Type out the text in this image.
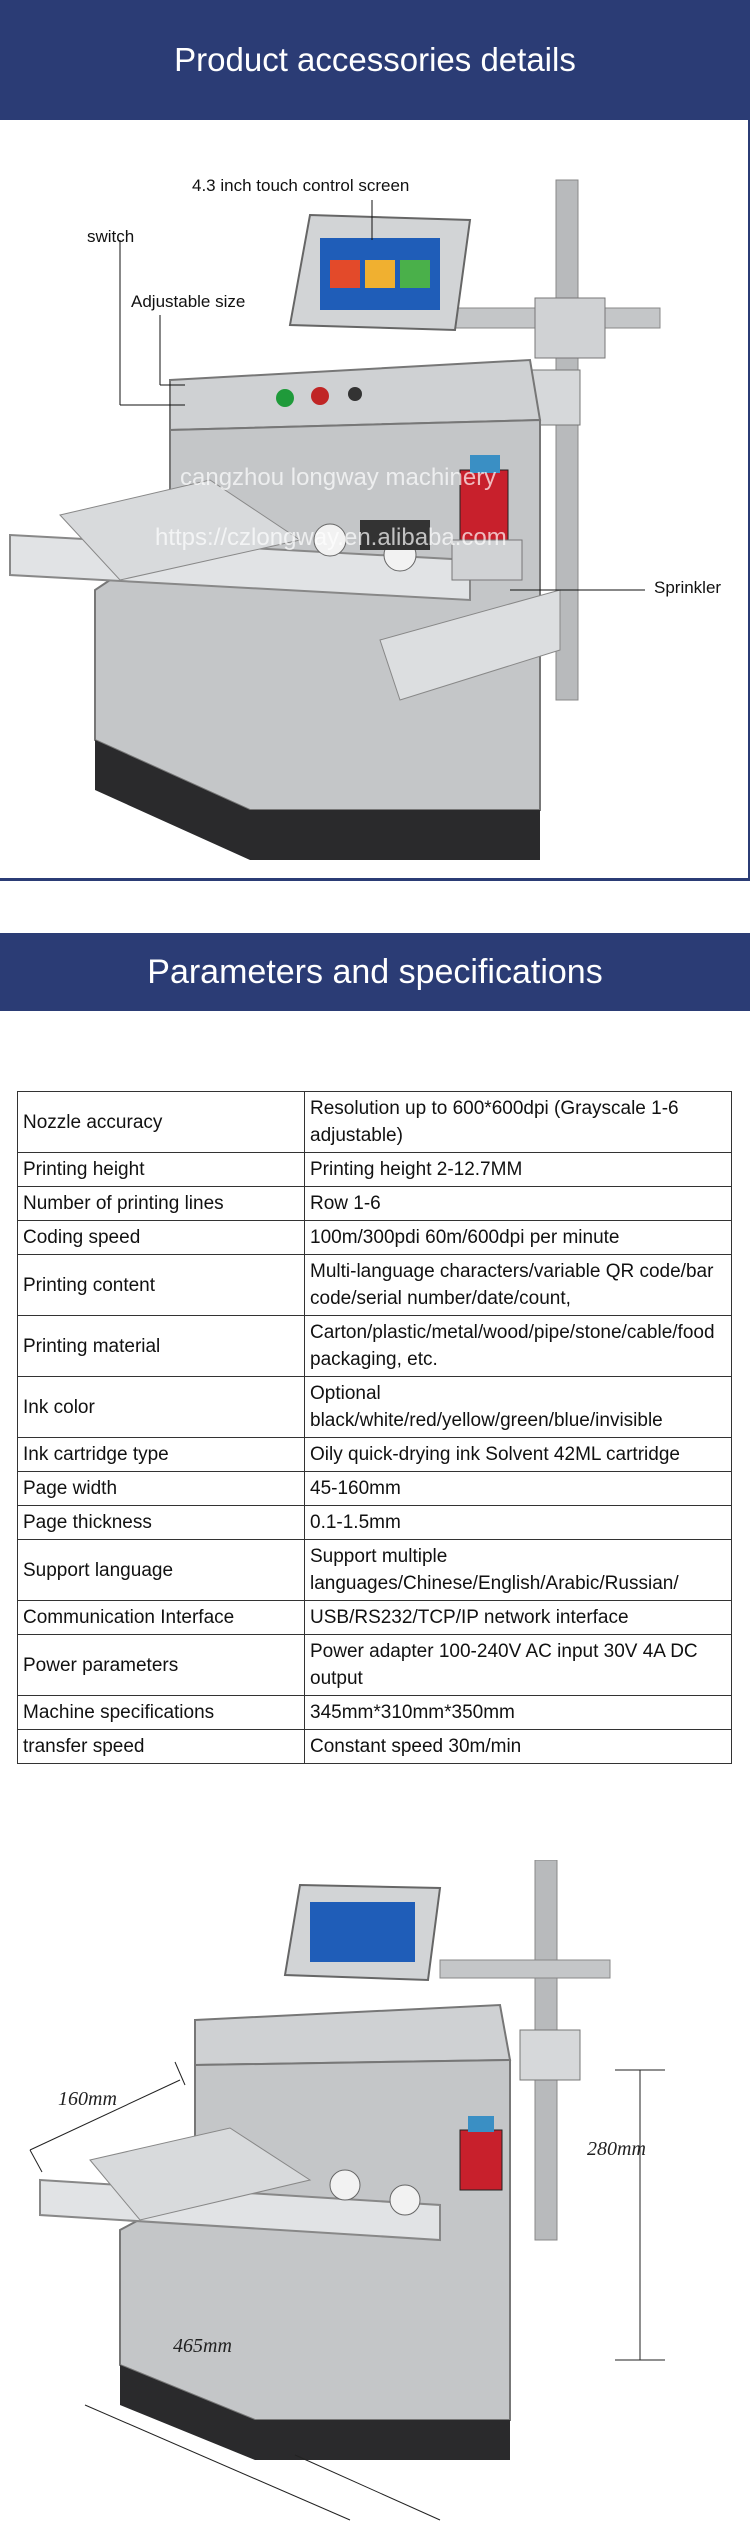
Product accessories details
cangzhou longway machinery
https://czlongway.en.alibaba.com
4.3 inch touch control screen
switch
Adjustable size
Sprinkler
Parameters and specifications
Nozzle accuracy	Resolution up to 600*600dpi (Grayscale 1-6 adjustable)
Printing height	Printing height 2-12.7MM
Number of printing lines	Row 1-6
Coding speed	100m/300pdi 60m/600dpi per minute
Printing content	Multi-language characters/variable QR code/bar code/serial number/date/count,
Printing material	Carton/plastic/metal/wood/pipe/stone/cable/food packaging, etc.
Ink color	Optional black/white/red/yellow/green/blue/invisible
Ink cartridge type	Oily quick-drying ink Solvent 42ML cartridge
Page width	45-160mm
Page thickness	0.1-1.5mm
Support language	Support multiple languages/Chinese/English/Arabic/Russian/
Communication Interface	USB/RS232/TCP/IP network interface
Power parameters	Power adapter 100-240V AC input 30V 4A DC output
Machine specifications	345mm*310mm*350mm
transfer speed	Constant speed 30m/min
160mm
280mm
465mm
